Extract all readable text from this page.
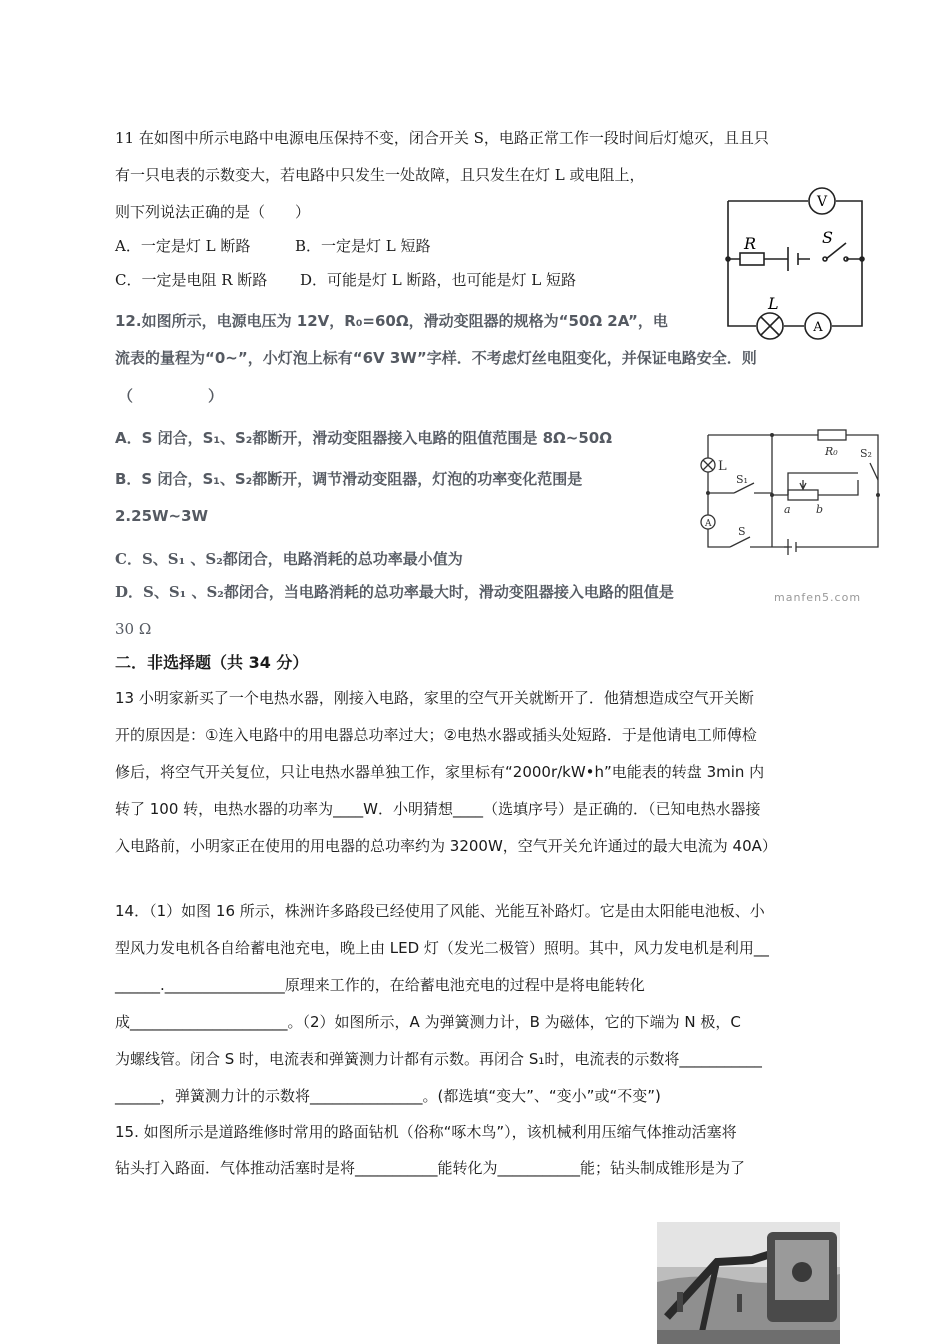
11 在如图中所示电路中电源电压保持不变，闭合开关 S，电路正常工作一段时间后灯熄灭，且且只
有一只电表的示数变大，若电路中只发生一处故障，且只发生在灯 L 或电阻上，
则下列说法正确的是（　　）
A．一定是灯 L 断路	B．一定是灯 L 短路
C．一定是电阻 R 断路 D．可能是灯 L 断路，也可能是灯 L 短路
V
A
R	S
L
12.如图所示，电源电压为 12V，R₀=60Ω，滑动变阻器的规格为“50Ω 2A”，电
流表的量程为“0~”，小灯泡上标有“6V 3W”字样．不考虑灯丝电阻变化，并保证电路安全．则
（　　　　　）
A．S 闭合，S₁、S₂都断开，滑动变阻器接入电路的阻值范围是 8Ω~50Ω
B．S 闭合，S₁、S₂都断开，调节滑动变阻器，灯泡的功率变化范围是
2.25W~3W
C．S、S₁ 、S₂都闭合，电路消耗的总功率最小值为
D．S、S₁ 、S₂都闭合，当电路消耗的总功率最大时，滑动变阻器接入电路的阻值是
30 Ω
L
R₀ S₂
S₁
a b
A
S
manfen5.com
二．非选择题（共 34 分）
13 小明家新买了一个电热水器，刚接入电路，家里的空气开关就断开了．他猜想造成空气开关断
开的原因是：①连入电路中的用电器总功率过大；②电热水器或插头处短路．于是他请电工师傅检
修后，将空气开关复位，只让电热水器单独工作，家里标有“2000r/kW•h”电能表的转盘 3min 内
转了 100 转，电热水器的功率为____W．小明猜想____（选填序号）是正确的．（已知电热水器接
入电路前，小明家正在使用的用电器的总功率约为 3200W，空气开关允许通过的最大电流为 40A）
14．（1）如图 16 所示，株洲许多路段已经使用了风能、光能互补路灯。它是由太阳能电池板、小
型风力发电机各自给蓄电池充电，晚上由 LED 灯（发光二极管）照明。其中，风力发电机是利用__
______.________________原理来工作的，在给蓄电池充电的过程中是将电能转化
成_____________________。（2）如图所示，A 为弹簧测力计，B 为磁体，它的下端为 N 极，C
为螺线管。闭合 S 时，电流表和弹簧测力计都有示数。再闭合 S₁时，电流表的示数将___________
______，弹簧测力计的示数将_______________。(都选填“变大”、“变小”或“不变”)
15. 如图所示是道路维修时常用的路面钻机（俗称“啄木鸟”），该机械利用压缩气体推动活塞将
钻头打入路面．气体推动活塞时是将___________能转化为___________能；钻头制成锥形是为了
